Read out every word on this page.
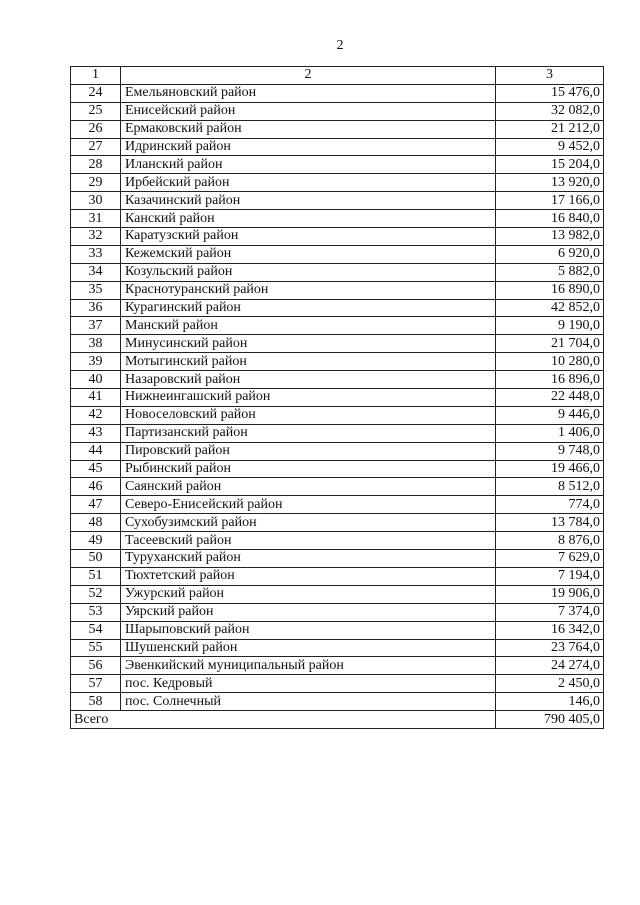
2
1	2	3
24	Емельяновский район	15 476,0
25	Енисейский район	32 082,0
26	Ермаковский район	21 212,0
27	Идринский район	9 452,0
28	Иланский район	15 204,0
29	Ирбейский район	13 920,0
30	Казачинский район	17 166,0
31	Канский район	16 840,0
32	Каратузский район	13 982,0
33	Кежемский район	6 920,0
34	Козульский район	5 882,0
35	Краснотуранский район	16 890,0
36	Курагинский район	42 852,0
37	Манский район	9 190,0
38	Минусинский район	21 704,0
39	Мотыгинский район	10 280,0
40	Назаровский район	16 896,0
41	Нижнеингашский район	22 448,0
42	Новоселовский район	9 446,0
43	Партизанский район	1 406,0
44	Пировский район	9 748,0
45	Рыбинский район	19 466,0
46	Саянский район	8 512,0
47	Северо-Енисейский район	774,0
48	Сухобузимский район	13 784,0
49	Тасеевский район	8 876,0
50	Туруханский район	7 629,0
51	Тюхтетский район	7 194,0
52	Ужурский район	19 906,0
53	Уярский район	7 374,0
54	Шарыповский район	16 342,0
55	Шушенский район	23 764,0
56	Эвенкийский муниципальный район	24 274,0
57	пос. Кедровый	2 450,0
58	пос. Солнечный	146,0
Всего		790 405,0
